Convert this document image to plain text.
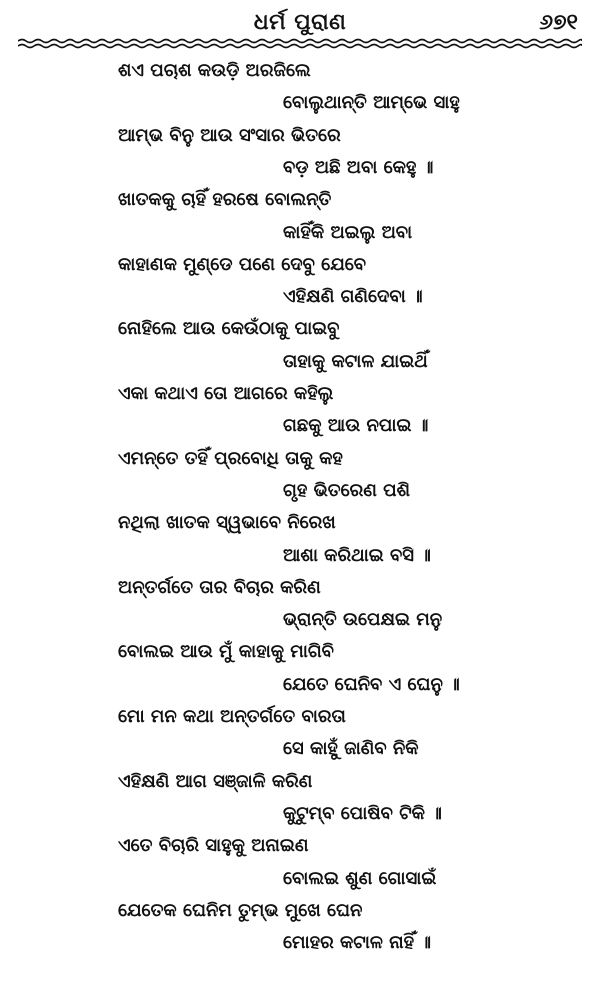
ଧର୍ମ ପୁରାଣ	୬୭୧
ଶଏ ପଚାଶ କଉଡ଼ି ଅରଜିଲେ
ବୋଲୁଥାନ୍ତି ଆମ୍ଭେ ସାହୁ
ଆମ୍ଭ ବିନୁ ଆଉ ସଂସାର ଭିତରେ
ବଡ଼ ଅଛି ଅବା କେହୁ ॥
ଖାତକକୁ ଚାହିଁ ହରଷେ ବୋଲନ୍ତି
କାହିଁକି ଅଇଲୁ ଅବା
କାହାଣକ ମୁଣ୍ଡେ ପଣେ ଦେବୁ ଯେବେ
ଏହିକ୍ଷଣି ଗଣିଦେବା ॥
ନୋହିଲେ ଆଉ କେଉଁଠାକୁ ପାଇବୁ
ତାହାକୁ କଟାଳ ଯାଇଥିଁ
ଏକା କଥାଏ ତୋ ଆଗରେ କହିଲୁ
ଗଛକୁ ଆଉ ନପାଇ ॥
ଏମନ୍ତେ ତହିଁ ପ୍ରବୋଧି ତାକୁ କହ
ଗୃହ ଭିତରେଣ ପଶି
ନଥିଲା ଖାତକ ସ୍ୱଭାବେ ନିରେଖ
ଆଶା କରିଥାଇ ବସି ॥
ଅନ୍ତର୍ଗତେ ତାର ବିଚାର କରିଣ
ଭ୍ରାନ୍ତି ଉପେକ୍ଷଇ ମନୁ
ବୋଲଇ ଆଉ ମୁଁ କାହାକୁ ମାଗିବି
ଯେତେ ଘେନିବ ଏ ଘେନୁ ॥
ମୋ ମନ କଥା ଅନ୍ତର୍ଗତେ ବାରତା
ସେ କାହୁଁ ଜାଣିବ ନିକି
ଏହିକ୍ଷଣି ଆଗ ସଞ୍ଜାଳି କରିଣ
କୁଟୁମ୍ବ ପୋଷିବ ଟିକି ॥
ଏତେ ବିଚାରି ସାହୁକୁ ଅନାଇଣ
ବୋଲଇ ଶୁଣ ଗୋସାଇଁ
ଯେତେକ ଘେନିମ ତୁମ୍ଭ ମୁଖେ ଘେନ
ମୋହର କଟାଳ ନାହିଁ ॥
